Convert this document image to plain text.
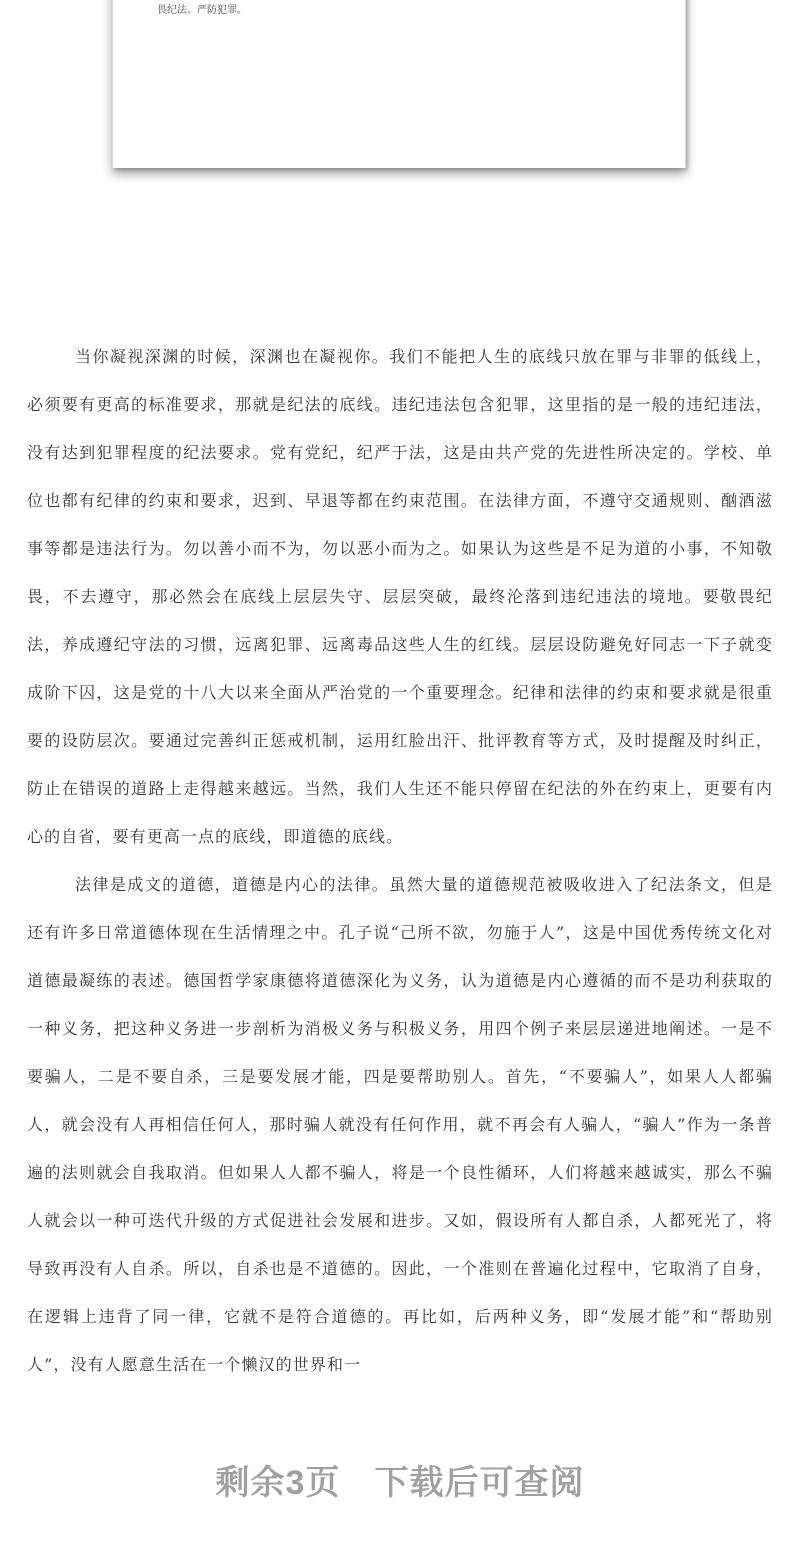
畏纪法、严防犯罪。

当你凝视深渊的时候，深渊也在凝视你。我们不能把人生的底线只放在罪与非罪的低线上，必须要有更高的标准要求，那就是纪法的底线。违纪违法包含犯罪，这里指的是一般的违纪违法，没有达到犯罪程度的纪法要求。党有党纪，纪严于法，这是由共产党的先进性所决定的。学校、单位也都有纪律的约束和要求，迟到、早退等都在约束范围。在法律方面，不遵守交通规则、酗酒滋事等都是违法行为。勿以善小而不为，勿以恶小而为之。如果认为这些是不足为道的小事，不知敬畏，不去遵守，那必然会在底线上层层失守、层层突破，最终沦落到违纪违法的境地。要敬畏纪法，养成遵纪守法的习惯，远离犯罪、远离毒品这些人生的红线。层层设防避免好同志一下子就变成阶下囚，这是党的十八大以来全面从严治党的一个重要理念。纪律和法律的约束和要求就是很重要的设防层次。要通过完善纠正惩戒机制，运用红脸出汗、批评教育等方式，及时提醒及时纠正，防止在错误的道路上走得越来越远。当然，我们人生还不能只停留在纪法的外在约束上，更要有内心的自省，要有更高一点的底线，即道德的底线。

法律是成文的道德，道德是内心的法律。虽然大量的道德规范被吸收进入了纪法条文，但是还有许多日常道德体现在生活情理之中。孔子说“己所不欲，勿施于人”，这是中国优秀传统文化对道德最凝练的表述。德国哲学家康德将道德深化为义务，认为道德是内心遵循的而不是功利获取的一种义务，把这种义务进一步剖析为消极义务与积极义务，用四个例子来层层递进地阐述。一是不要骗人，二是不要自杀，三是要发展才能，四是要帮助别人。首先，“不要骗人”，如果人人都骗人，就会没有人再相信任何人，那时骗人就没有任何作用，就不再会有人骗人，“骗人”作为一条普遍的法则就会自我取消。但如果人人都不骗人，将是一个良性循环，人们将越来越诚实，那么不骗人就会以一种可迭代升级的方式促进社会发展和进步。又如，假设所有人都自杀，人都死光了，将导致再没有人自杀。所以，自杀也是不道德的。因此，一个准则在普遍化过程中，它取消了自身，在逻辑上违背了同一律，它就不是符合道德的。再比如，后两种义务，即“发展才能”和“帮助别人”，没有人愿意生活在一个懒汉的世界和一

剩余3页 下载后可查阅
